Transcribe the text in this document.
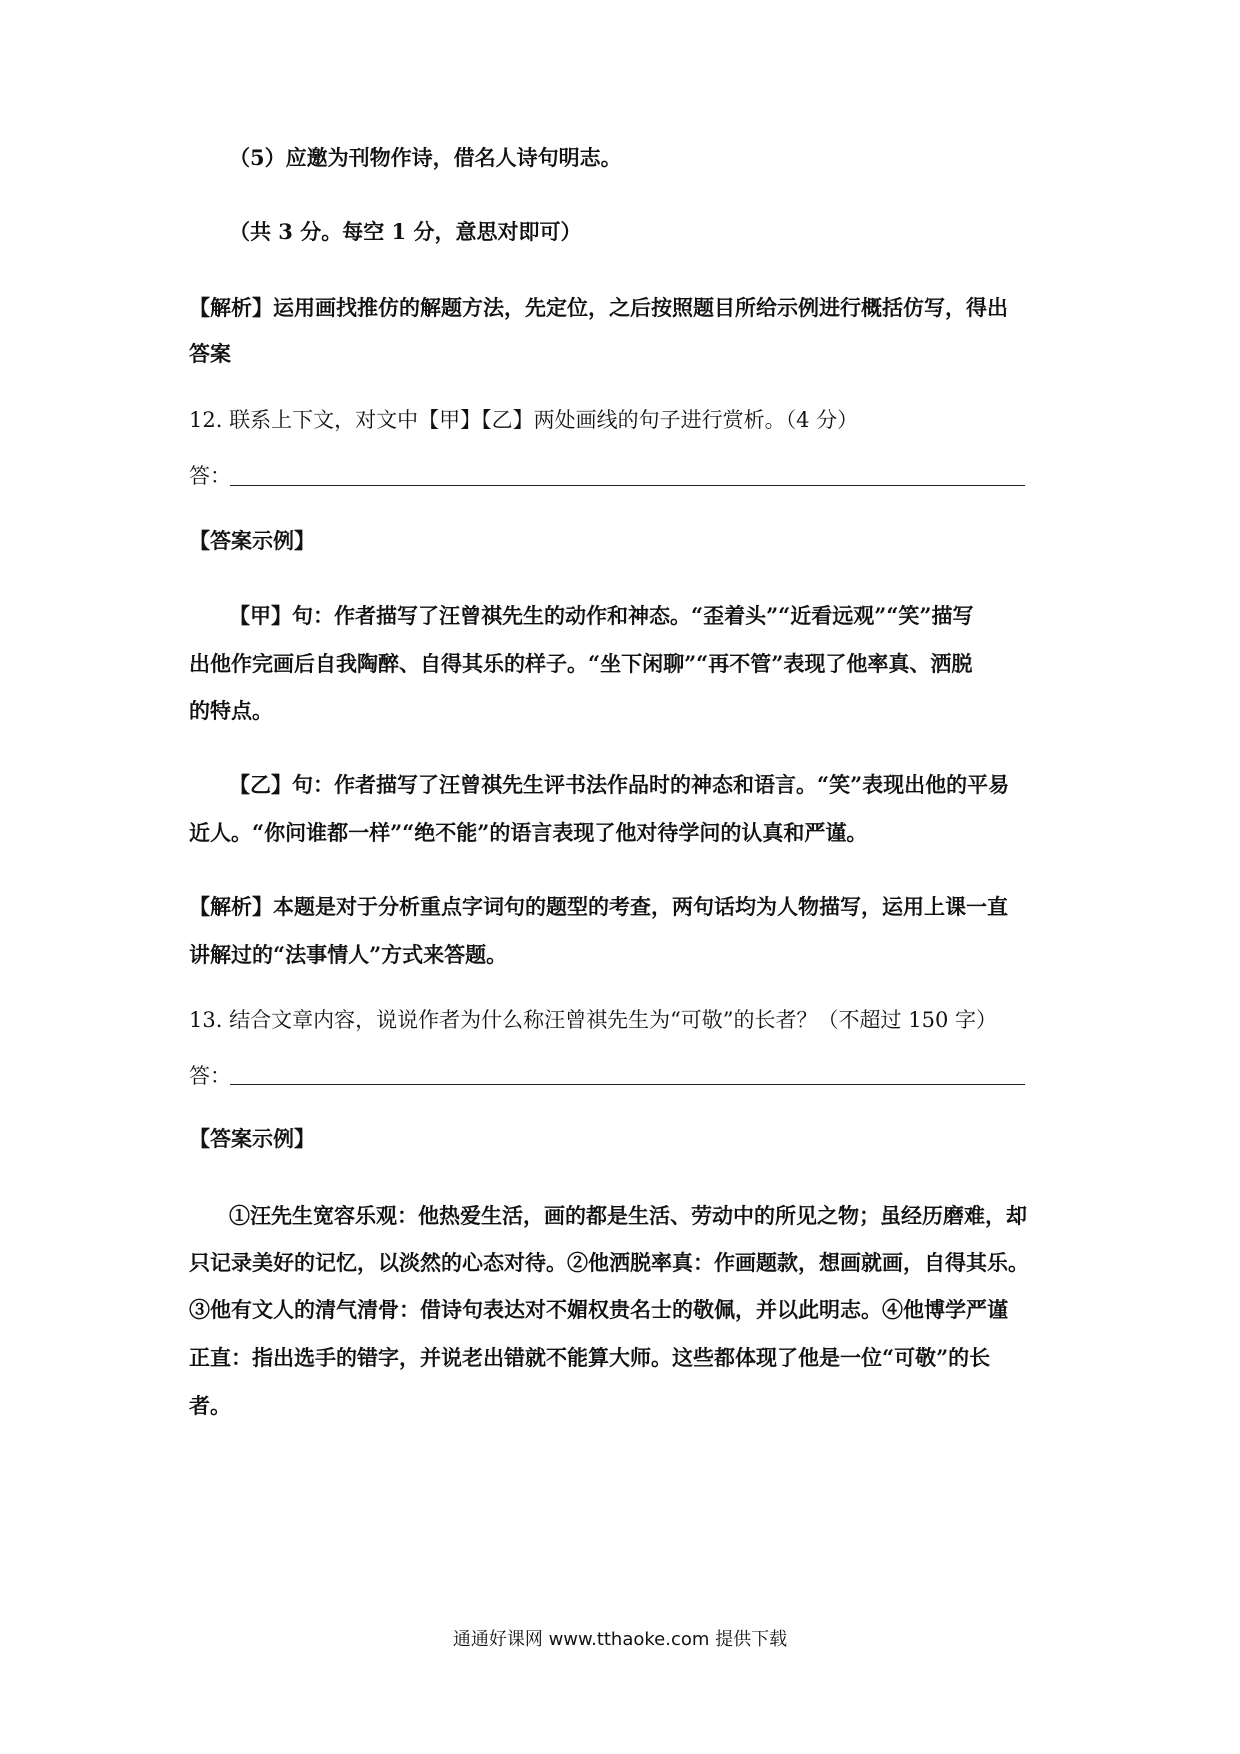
（5）应邀为刊物作诗，借名人诗句明志。
（共 3 分。每空 1 分，意思对即可）
【解析】运用画找推仿的解题方法，先定位，之后按照题目所给示例进行概括仿写，得出
答案
12. 联系上下文，对文中【甲】【乙】两处画线的句子进行赏析。（4 分）
答：
【答案示例】
【甲】句：作者描写了汪曾祺先生的动作和神态。“歪着头”“近看远观”“笑”描写
出他作完画后自我陶醉、自得其乐的样子。“坐下闲聊”“再不管”表现了他率真、洒脱
的特点。
【乙】句：作者描写了汪曾祺先生评书法作品时的神态和语言。“笑”表现出他的平易
近人。“你问谁都一样”“绝不能”的语言表现了他对待学问的认真和严谨。
【解析】本题是对于分析重点字词句的题型的考查，两句话均为人物描写，运用上课一直
讲解过的“法事情人”方式来答题。
13. 结合文章内容，说说作者为什么称汪曾祺先生为“可敬”的长者？（不超过 150 字）
答：
【答案示例】
①汪先生宽容乐观：他热爱生活，画的都是生活、劳动中的所见之物；虽经历磨难，却
只记录美好的记忆，以淡然的心态对待。②他洒脱率真：作画题款，想画就画，自得其乐。
③他有文人的清气清骨：借诗句表达对不媚权贵名士的敬佩，并以此明志。④他博学严谨
正直：指出选手的错字，并说老出错就不能算大师。这些都体现了他是一位“可敬”的长
者。
通通好课网 www.tthaoke.com 提供下载
